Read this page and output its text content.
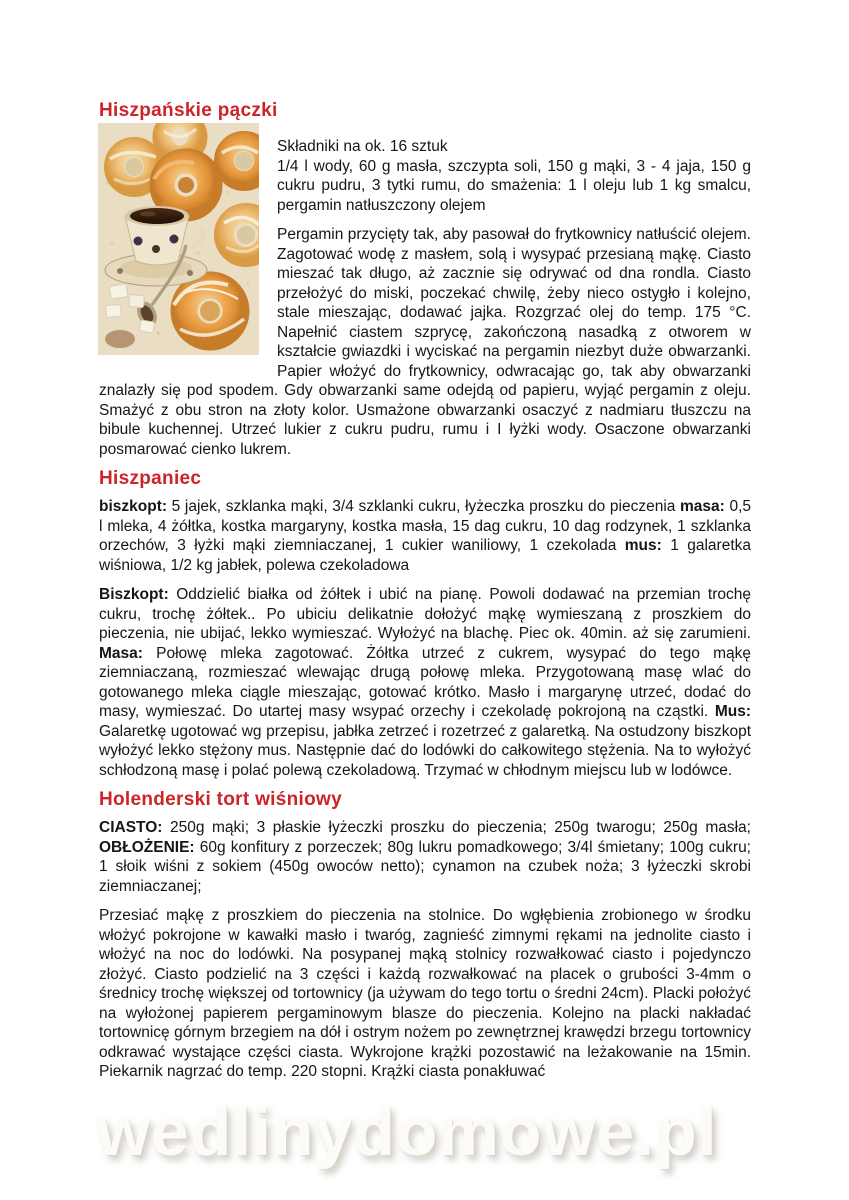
Hiszpańskie pączki

Składniki na ok. 16 sztuk
1/4 l wody, 60 g masła, szczypta soli, 150 g mąki, 3 - 4 jaja, 150 g cukru pudru, 3 tytki rumu, do smażenia: 1 l oleju lub 1 kg smalcu, pergamin natłuszczony olejem

Pergamin przycięty tak, aby pasował do frytkownicy natłuścić olejem. Zagotować wodę z masłem, solą i wysypać przesianą mąkę. Ciasto mieszać tak długo, aż zacznie się odrywać od dna rondla. Ciasto przełożyć do miski, poczekać chwilę, żeby nieco ostygło i kolejno, stale mieszając, dodawać jajka. Rozgrzać olej do temp. 175 °C. Napełnić ciastem szprycę, zakończoną nasadką z otworem w kształcie gwiazdki i wyciskać na pergamin niezbyt duże obwarzanki. Papier włożyć do frytkownicy, odwracając go, tak aby obwarzanki znalazły się pod spodem. Gdy obwarzanki same odejdą od papieru, wyjąć pergamin z oleju. Smażyć z obu stron na złoty kolor. Usmażone obwarzanki osaczyć z nadmiaru tłuszczu na bibule kuchennej. Utrzeć lukier z cukru pudru, rumu i I łyżki wody. Osaczone obwarzanki posmarować cienko lukrem.

Hiszpaniec

biszkopt: 5 jajek, szklanka mąki, 3/4 szklanki cukru, łyżeczka proszku do pieczenia masa: 0,5 l mleka, 4 żółtka, kostka margaryny, kostka masła, 15 dag cukru, 10 dag rodzynek, 1 szklanka orzechów, 3 łyżki mąki ziemniaczanej, 1 cukier waniliowy, 1 czekolada mus: 1 galaretka wiśniowa, 1/2 kg jabłek, polewa czekoladowa

Biszkopt: Oddzielić białka od żółtek i ubić na pianę. Powoli dodawać na przemian trochę cukru, trochę żółtek.. Po ubiciu delikatnie dołożyć mąkę wymieszaną z proszkiem do pieczenia, nie ubijać, lekko wymieszać. Wyłożyć na blachę. Piec ok. 40min. aż się zarumieni. Masa: Połowę mleka zagotować. Żółtka utrzeć z cukrem, wysypać do tego mąkę ziemniaczaną, rozmieszać wlewając drugą połowę mleka. Przygotowaną masę wlać do gotowanego mleka ciągle mieszając, gotować krótko. Masło i margarynę utrzeć, dodać do masy, wymieszać. Do utartej masy wsypać orzechy i czekoladę pokrojoną na cząstki. Mus: Galaretkę ugotować wg przepisu, jabłka zetrzeć i rozetrzeć z galaretką. Na ostudzony biszkopt wyłożyć lekko stężony mus. Następnie dać do lodówki do całkowitego stężenia. Na to wyłożyć schłodzoną masę i polać polewą czekoladową. Trzymać w chłodnym miejscu lub w lodówce.

Holenderski tort wiśniowy

CIASTO: 250g mąki; 3 płaskie łyżeczki proszku do pieczenia; 250g twarogu; 250g masła; OBŁOŻENIE: 60g konfitury z porzeczek; 80g lukru pomadkowego; 3/4l śmietany; 100g cukru; 1 słoik wiśni z sokiem (450g owoców netto); cynamon na czubek noża; 3 łyżeczki skrobi ziemniaczanej;

Przesiać mąkę z proszkiem do pieczenia na stolnice. Do wgłębienia zrobionego w środku włożyć pokrojone w kawałki masło i twaróg, zagnieść zimnymi rękami na jednolite ciasto i włożyć na noc do lodówki. Na posypanej mąką stolnicy rozwałkować ciasto i pojedynczo złożyć. Ciasto podzielić na 3 części i każdą rozwałkować na placek o grubości 3-4mm o średnicy trochę większej od tortownicy (ja używam do tego tortu o średni 24cm). Placki położyć na wyłożonej papierem pergaminowym blasze do pieczenia. Kolejno na placki nakładać tortownicę górnym brzegiem na dół i ostrym nożem po zewnętrznej krawędzi brzegu tortownicy odkrawać wystające części ciasta. Wykrojone krążki pozostawić na leżakowanie na 15min. Piekarnik nagrzać do temp. 220 stopni. Krążki ciasta ponakłuwać

wedlinydomowe.pl
